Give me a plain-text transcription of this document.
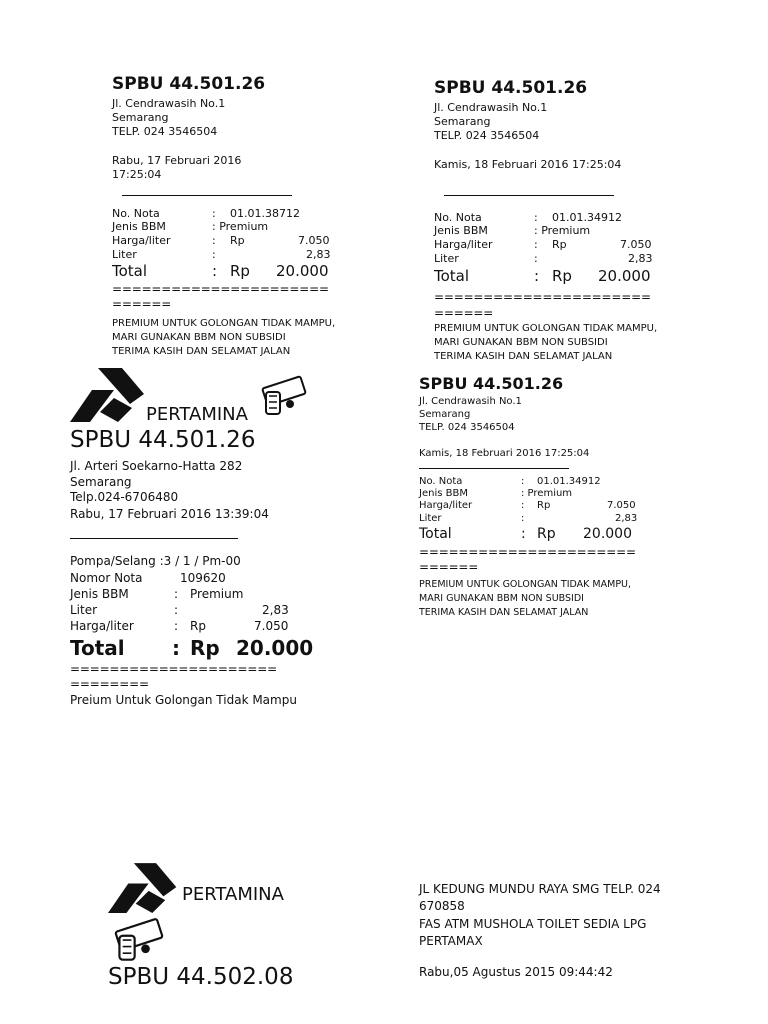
SPBU 44.501.26
Jl. Cendrawasih No.1
Semarang
TELP. 024 3546504
Rabu, 17 Februari 2016
17:25:04
No. Nota	: 01.01.38712
Jenis BBM	: Premium
Harga/liter	: Rp	7.050
Liter	:	2,83
Total	: Rp 20.000
======================
======
PREMIUM UNTUK GOLONGAN TIDAK MAMPU,
MARI GUNAKAN BBM NON SUBSIDI
TERIMA KASIH DAN SELAMAT JALAN
SPBU 44.501.26
Jl. Cendrawasih No.1
Semarang
TELP. 024 3546504
Kamis, 18 Februari 2016 17:25:04
No. Nota	: 01.01.34912
Jenis BBM	: Premium
Harga/liter	: Rp	7.050
Liter	:	2,83
Total	: Rp 20.000
======================
======
PREMIUM UNTUK GOLONGAN TIDAK MAMPU,
MARI GUNAKAN BBM NON SUBSIDI
TERIMA KASIH DAN SELAMAT JALAN
PERTAMINA
SPBU 44.501.26
Jl. Arteri Soekarno-Hatta 282
Semarang
Telp.024-6706480
Rabu, 17 Februari 2016 13:39:04
Pompa/Selang :3 / 1 / Pm-00
Nomor Nota	109620
Jenis BBM	: Premium
Liter	:	2,83
Harga/liter	: Rp	7.050
Total : Rp 20.000
=====================
========
Preium Untuk Golongan Tidak Mampu
SPBU 44.501.26
Jl. Cendrawasih No.1
Semarang
TELP. 024 3546504
Kamis, 18 Februari 2016 17:25:04
No. Nota	: 01.01.34912
Jenis BBM	: Premium
Harga/liter	: Rp	7.050
Liter	:	2,83
Total	: Rp 20.000
======================
======
PREMIUM UNTUK GOLONGAN TIDAK MAMPU,
MARI GUNAKAN BBM NON SUBSIDI
TERIMA KASIH DAN SELAMAT JALAN
PERTAMINA
SPBU 44.502.08
JL KEDUNG MUNDU RAYA SMG TELP. 024
670858
FAS ATM MUSHOLA TOILET SEDIA LPG
PERTAMAX
Rabu,05 Agustus 2015 09:44:42
